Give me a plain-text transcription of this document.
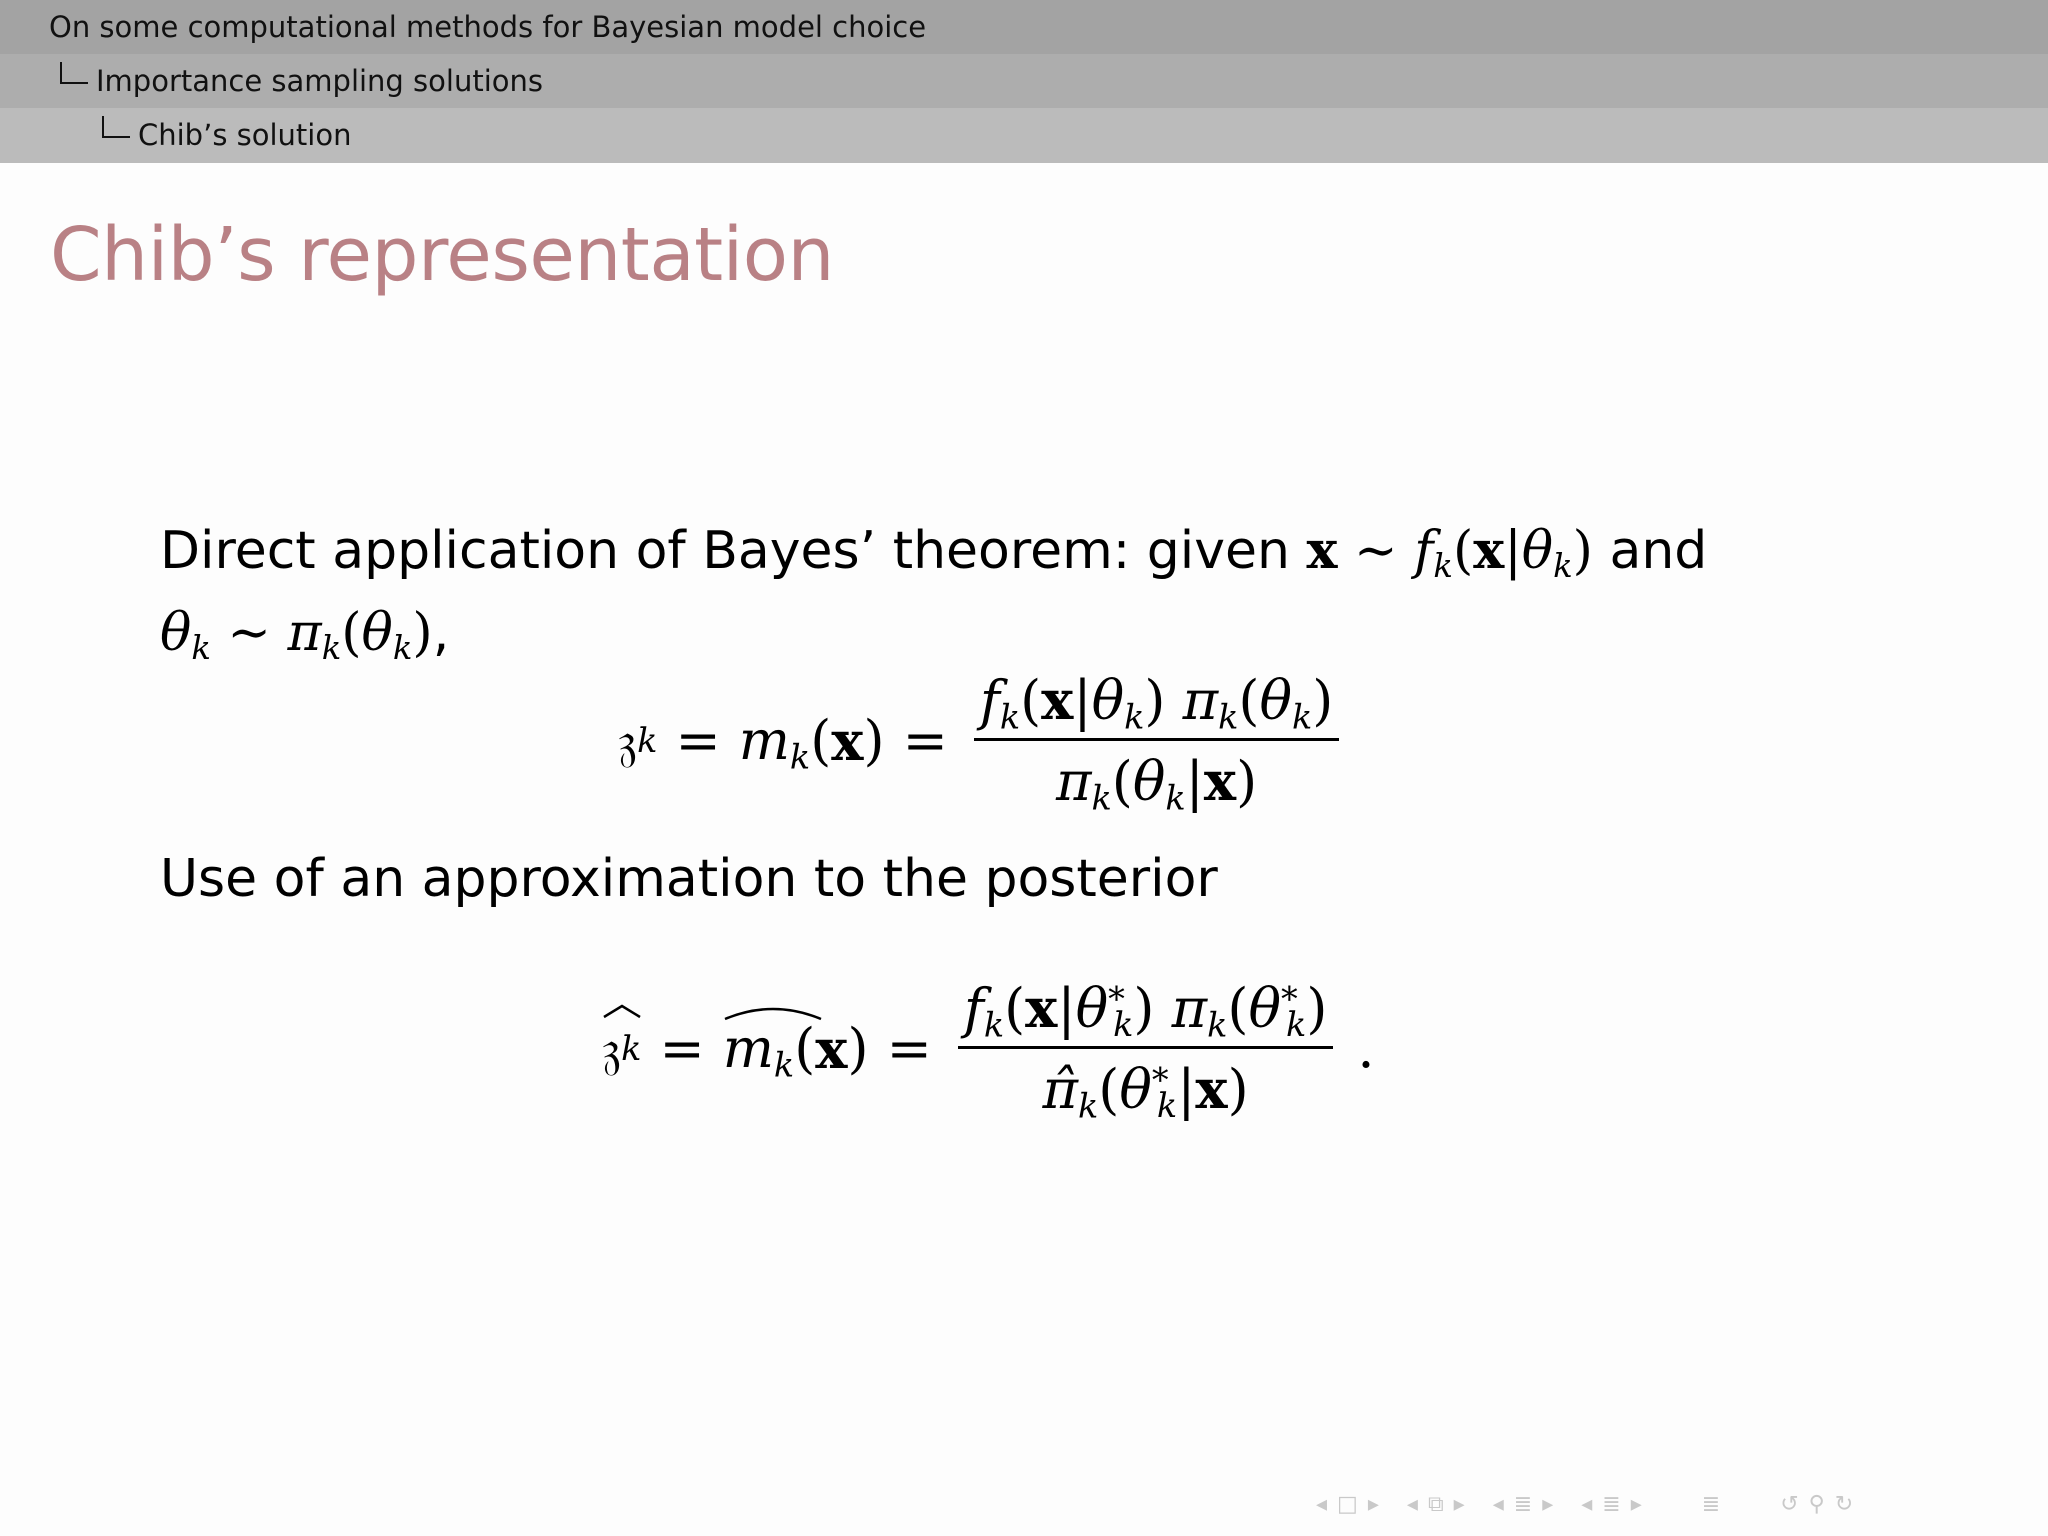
On some computational methods for Bayesian model choice
Importance sampling solutions
Chib’s solution
Chib’s representation
Direct application of Bayes’ theorem: given x ∼ $f_k(x|\theta_k)$ and
$\theta_k$ ∼ $\pi_k(\theta_k)$,
𝔷 $k = m_k$ ( x ) = $\frac{f_k(x|\theta_k) \pi_k(\theta_k)}{\pi_k(\theta_k|x)}$
Use of an approximation to the posterior
𝔷 $k = m_k$ ( x ) = $\frac{f_k(x|\theta^*_k) \pi_k(\theta^*_k)}{\pî_k(\theta^*_k|x)}$ .
◂ □ ▸ ◂ ⧉ ▸ ◂ ≣ ▸ ◂ ≣ ▸	≣	↺ ⚲ ↻
